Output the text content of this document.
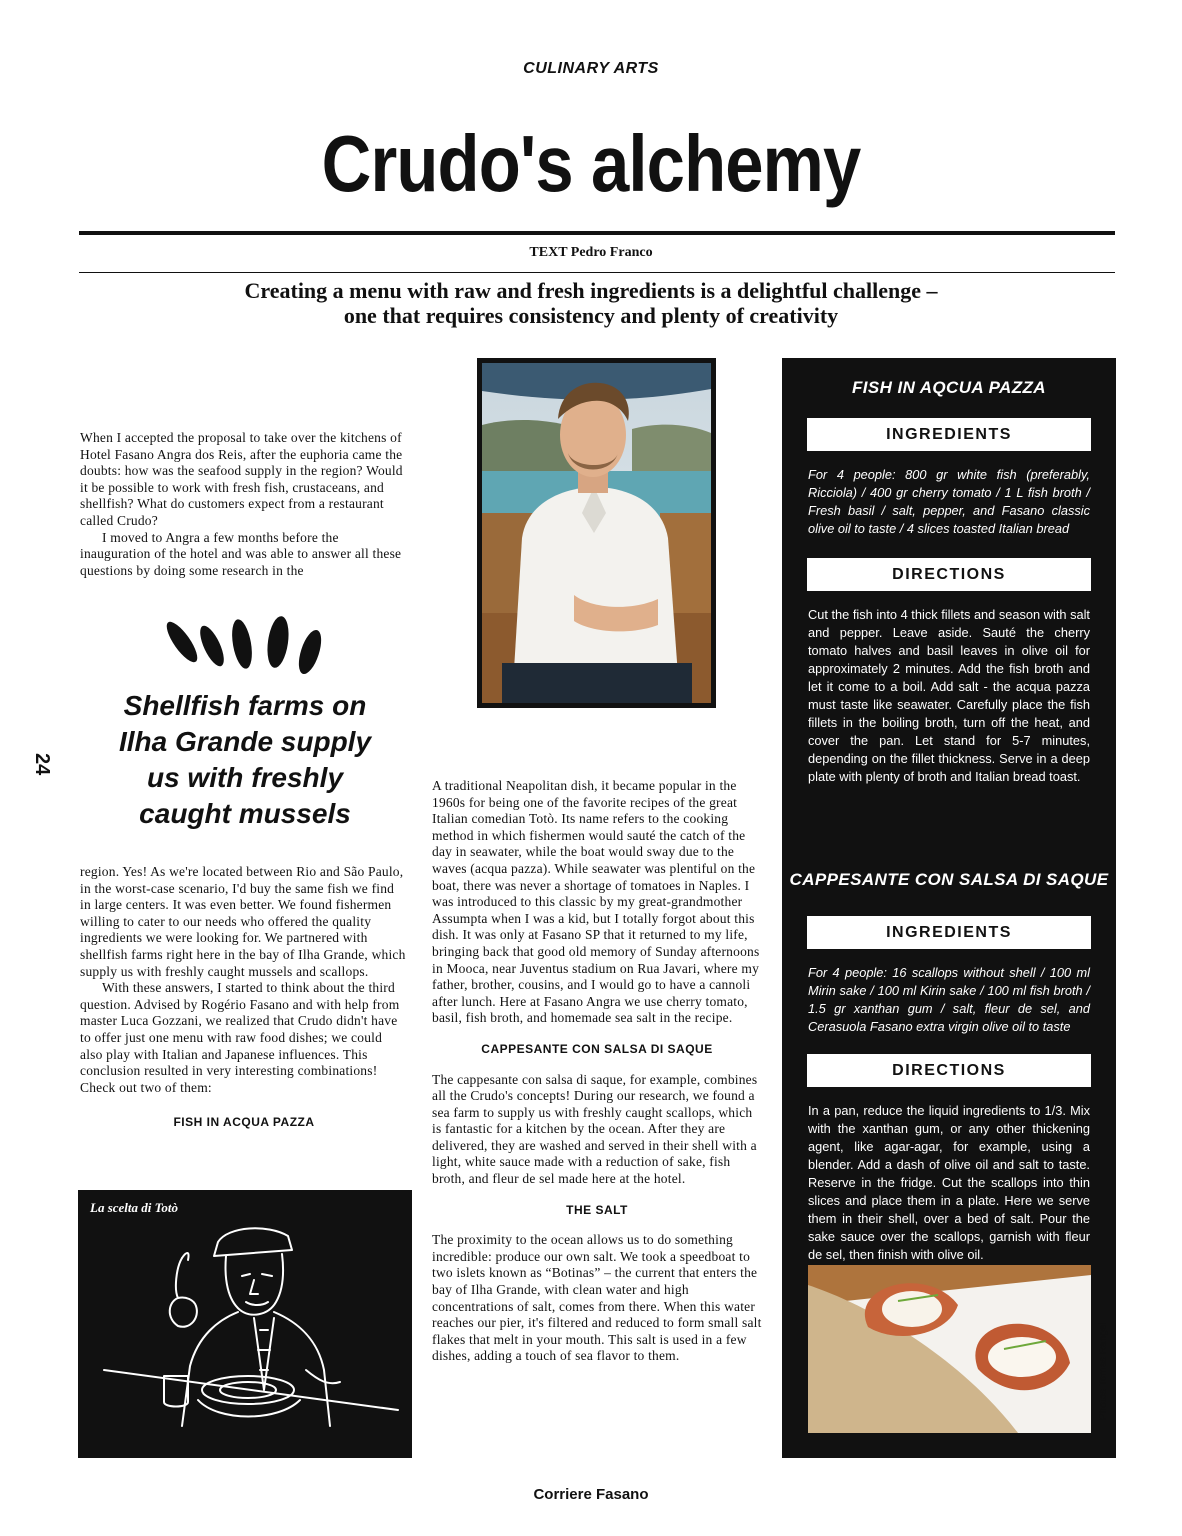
CULINARY ARTS
Crudo's alchemy
TEXT Pedro Franco
Creating a menu with raw and fresh ingredients is a delightful challenge –
one that requires consistency and plenty of creativity

When I accepted the proposal to take over the kitchens of Hotel Fasano Angra dos Reis, after the euphoria came the doubts: how was the seafood supply in the region? Would it be possible to work with fresh fish, crustaceans, and shellfish? What do customers expect from a restaurant called Crudo?

I moved to Angra a few months before the inauguration of the hotel and was able to answer all these questions by doing some research in the

Shellfish farms on
Ilha Grande supply
us with freshly
caught mussels
24

region. Yes! As we're located between Rio and São Paulo, in the worst-case scenario, I'd buy the same fish we find in large centers. It was even better. We found fishermen willing to cater to our needs who offered the quality ingredients we were looking for. We partnered with shellfish farms right here in the bay of Ilha Grande, which supply us with freshly caught mussels and scallops.

With these answers, I started to think about the third question. Advised by Rogério Fasano and with help from master Luca Gozzani, we realized that Crudo didn't have to offer just one menu with raw food dishes; we could also play with Italian and Japanese influences. This conclusion resulted in very interesting combinations! Check out two of them:

FISH IN ACQUA PAZZA

La scelta di Totò

A traditional Neapolitan dish, it became popular in the 1960s for being one of the favorite recipes of the great Italian comedian Totò. Its name refers to the cooking method in which fishermen would sauté the catch of the day in seawater, while the boat would sway due to the waves (acqua pazza). While seawater was plentiful on the boat, there was never a shortage of tomatoes in Naples. I was introduced to this classic by my great-grandmother Assumpta when I was a kid, but I totally forgot about this dish. It was only at Fasano SP that it returned to my life, bringing back that good old memory of Sunday afternoons in Mooca, near Juventus stadium on Rua Javari, where my father, brother, cousins, and I would go to have a cannoli after lunch. Here at Fasano Angra we use cherry tomato, basil, fish broth, and homemade sea salt in the recipe.

CAPPESANTE CON SALSA DI SAQUE

The cappesante con salsa di saque, for example, combines all the Crudo's concepts! During our research, we found a sea farm to supply us with freshly caught scallops, which is fantastic for a kitchen by the ocean. After they are delivered, they are washed and served in their shell with a light, white sauce made with a reduction of sake, fish broth, and fleur de sel made here at the hotel.

THE SALT

The proximity to the ocean allows us to do something incredible: produce our own salt. We took a speedboat to two islets known as “Botinas” – the current that enters the bay of Ilha Grande, with clean water and high concentrations of salt, comes from there. When this water reaches our pier, it's filtered and reduced to form small salt flakes that melt in your mouth. This salt is used in a few dishes, adding a touch of sea flavor to them.

FISH IN AQCUA PAZZA
INGREDIENTS
For 4 people: 800 gr white fish (preferably, Ricciola) / 400 gr cherry tomato / 1 L fish broth / Fresh basil / salt, pepper, and Fasano classic olive oil to taste / 4 slices toasted Italian bread
DIRECTIONS
Cut the fish into 4 thick fillets and season with salt and pepper. Leave aside. Sauté the cherry tomato halves and basil leaves in olive oil for approximately 2 minutes. Add the fish broth and let it come to a boil. Add salt - the acqua pazza must taste like seawater. Carefully place the fish fillets in the boiling broth, turn off the heat, and cover the pan. Let stand for 5-7 minutes, depending on the fillet thickness. Serve in a deep plate with plenty of broth and Italian bread toast.
CAPPESANTE CON SALSA DI SAQUE
INGREDIENTS
For 4 people: 16 scallops without shell / 100 ml Mirin sake / 100 ml Kirin sake / 100 ml fish broth / 1.5 gr xanthan gum / salt, fleur de sel, and Cerasuola Fasano extra virgin olive oil to taste
DIRECTIONS
In a pan, reduce the liquid ingredients to 1/3. Mix with the xanthan gum, or any other thickening agent, like agar-agar, for example, using a blender. Add a dash of olive oil and salt to taste. Reserve in the fridge. Cut the scallops into thin slices and place them in a plate. Here we serve them in their shell, over a bed of salt. Pour the sake sauce over the scallops, garnish with fleur de sel, then finish with olive oil.
Photos Tomas Rangel
Corriere Fasano
